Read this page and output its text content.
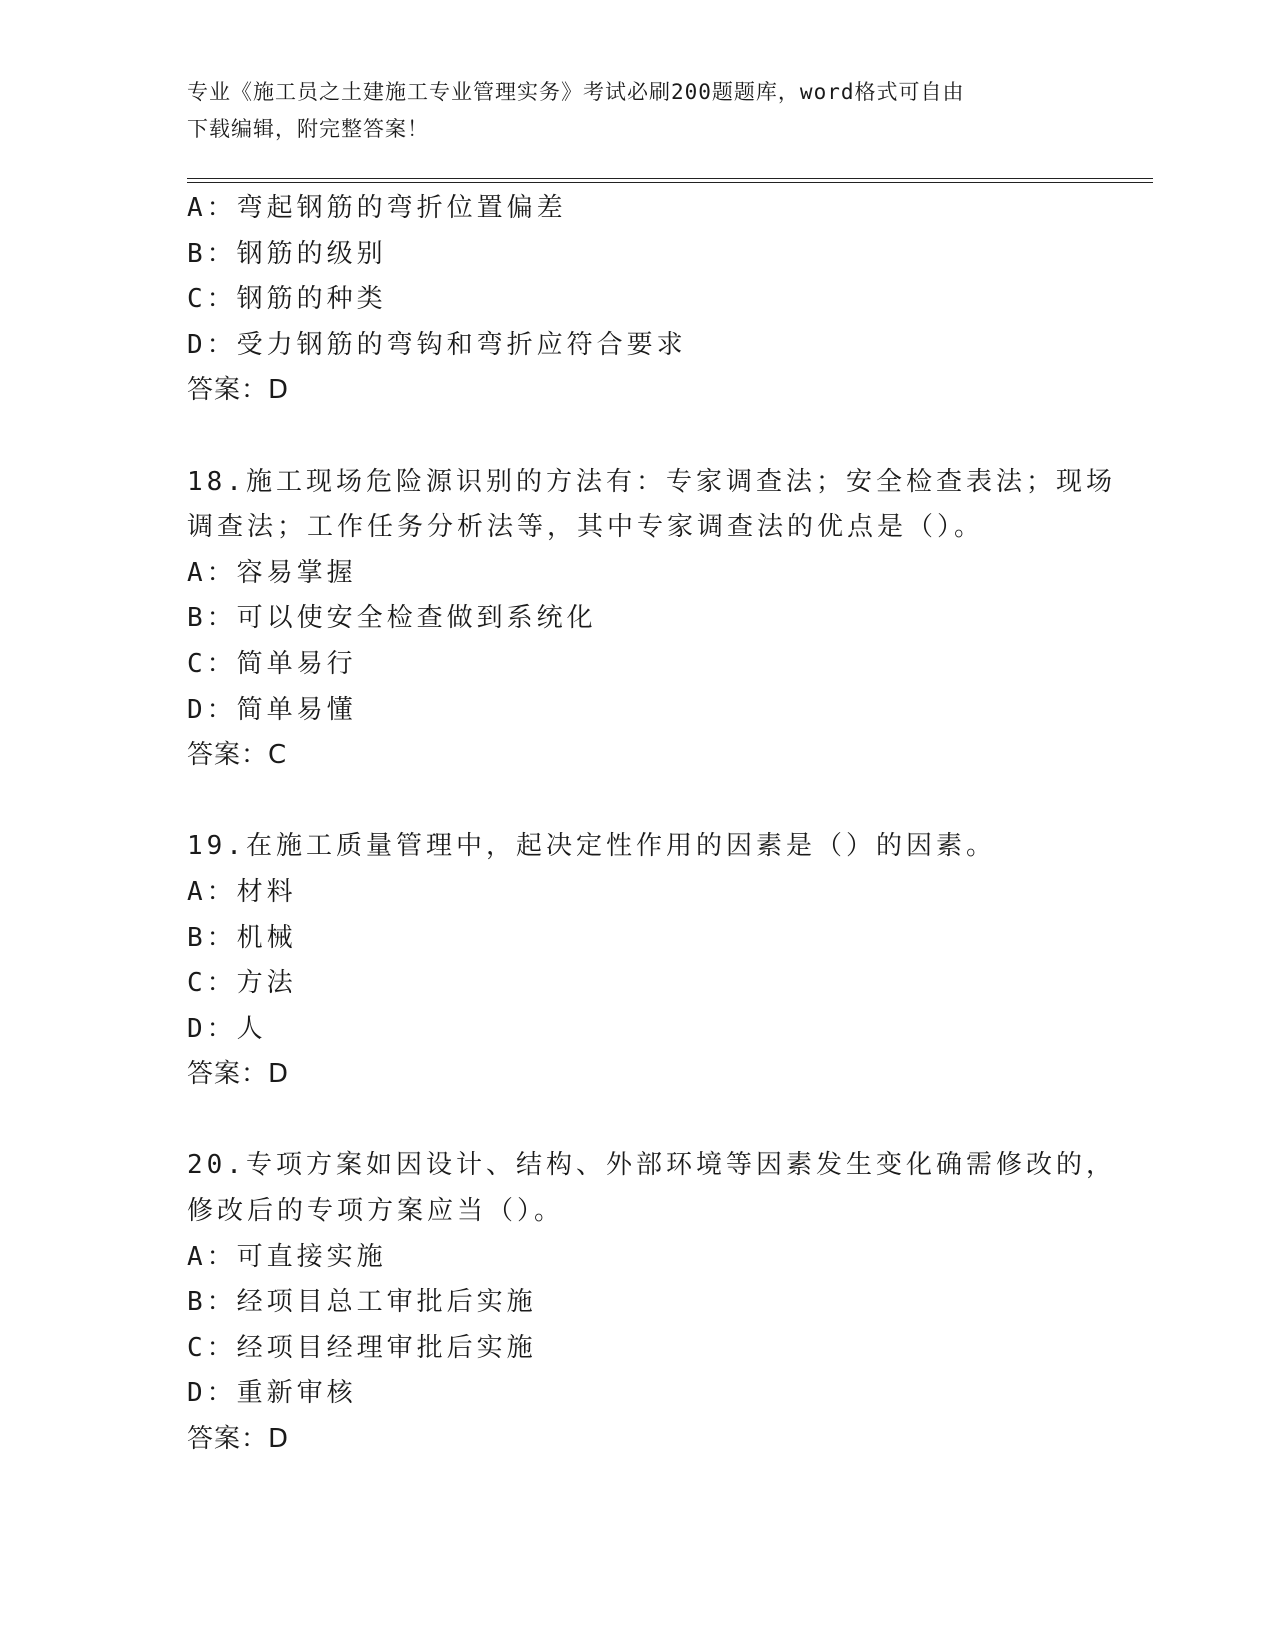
专业《施工员之土建施工专业管理实务》考试必刷200题题库，word格式可自由
下载编辑，附完整答案！
A：弯起钢筋的弯折位置偏差
B：钢筋的级别
C：钢筋的种类
D：受力钢筋的弯钩和弯折应符合要求
答案：D
18.施工现场危险源识别的方法有：专家调查法；安全检查表法；现场
调查法；工作任务分析法等，其中专家调查法的优点是（）。
A：容易掌握
B：可以使安全检查做到系统化
C：简单易行
D：简单易懂
答案：C
19.在施工质量管理中，起决定性作用的因素是（）的因素。
A：材料
B：机械
C：方法
D：人
答案：D
20.专项方案如因设计、结构、外部环境等因素发生变化确需修改的，
修改后的专项方案应当（）。
A：可直接实施
B：经项目总工审批后实施
C：经项目经理审批后实施
D：重新审核
答案：D
